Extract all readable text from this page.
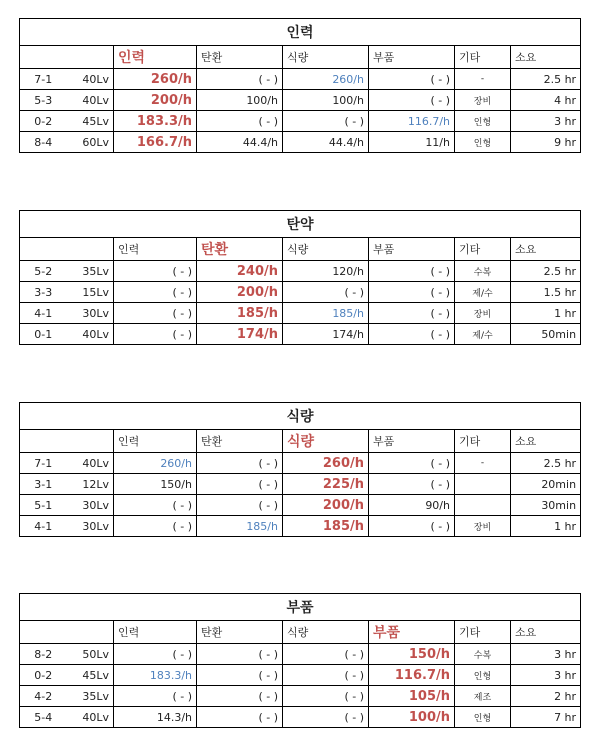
인력							
		인력	탄환	식량	부품	기타	소요
7-1	40Lv	260/h	( - )	260/h	( - )	-	2.5 hr
5-3	40Lv	200/h	100/h	100/h	( - )	장비	4 hr
0-2	45Lv	183.3/h	( - )	( - )	116.7/h	인형	3 hr
8-4	60Lv	166.7/h	44.4/h	44.4/h	11/h	인형	9 hr
탄약							
		인력	탄환	식량	부품	기타	소요
5-2	35Lv	( - )	240/h	120/h	( - )	수복	2.5 hr
3-3	15Lv	( - )	200/h	( - )	( - )	제/수	1.5 hr
4-1	30Lv	( - )	185/h	185/h	( - )	장비	1 hr
0-1	40Lv	( - )	174/h	174/h	( - )	제/수	50min
식량							
		인력	탄환	식량	부품	기타	소요
7-1	40Lv	260/h	( - )	260/h	( - )	-	2.5 hr
3-1	12Lv	150/h	( - )	225/h	( - )		20min
5-1	30Lv	( - )	( - )	200/h	90/h		30min
4-1	30Lv	( - )	185/h	185/h	( - )	장비	1 hr
부품							
		인력	탄환	식량	부품	기타	소요
8-2	50Lv	( - )	( - )	( - )	150/h	수복	3 hr
0-2	45Lv	183.3/h	( - )	( - )	116.7/h	인형	3 hr
4-2	35Lv	( - )	( - )	( - )	105/h	제조	2 hr
5-4	40Lv	14.3/h	( - )	( - )	100/h	인형	7 hr
